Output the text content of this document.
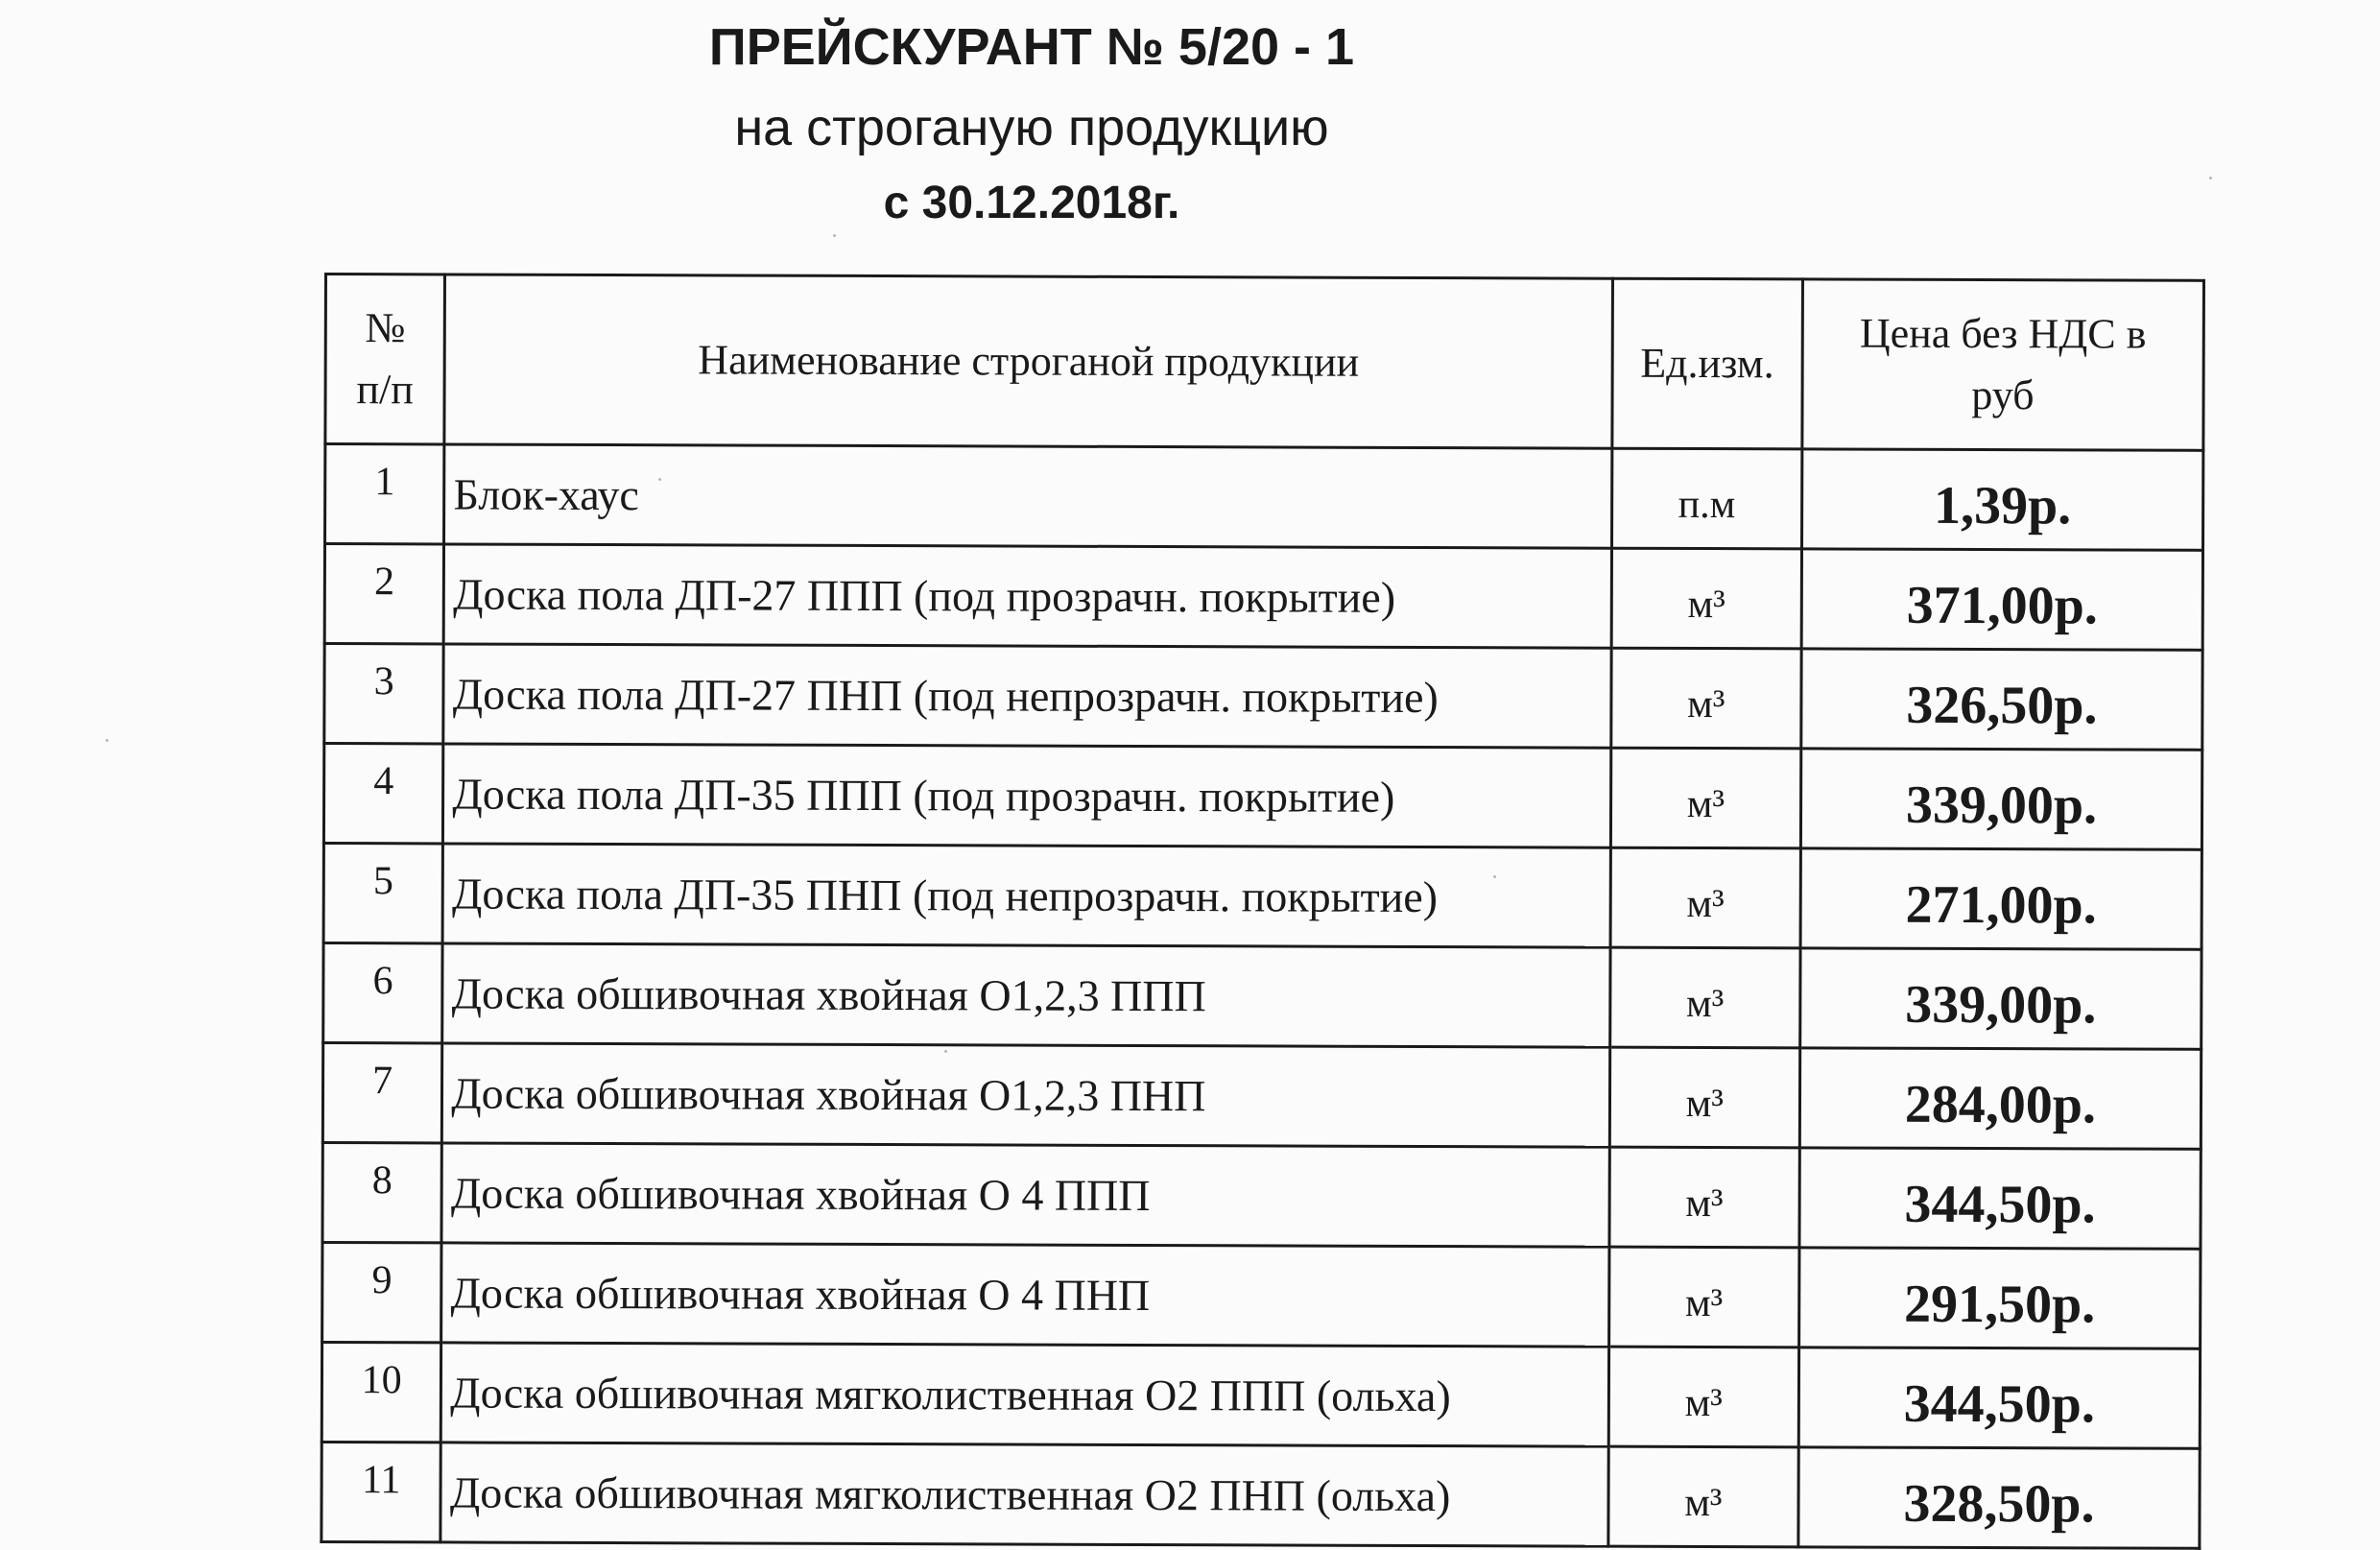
ПРЕЙСКУРАНТ № 5/20 - 1
на строганую продукцию
с 30.12.2018г.
№ п/п	Наименование строганой продукции	Ед.изм.	Цена без НДС в руб
1	Блок-хаус	п.м	1,39р.
2	Доска пола ДП-27 ППП (под прозрачн. покрытие)	м³	371,00р.
3	Доска пола ДП-27 ПНП (под непрозрачн. покрытие)	м³	326,50р.
4	Доска пола ДП-35 ППП (под прозрачн. покрытие)	м³	339,00р.
5	Доска пола ДП-35 ПНП (под непрозрачн. покрытие)	м³	271,00р.
6	Доска обшивочная хвойная О1,2,3 ППП	м³	339,00р.
7	Доска обшивочная хвойная О1,2,3 ПНП	м³	284,00р.
8	Доска обшивочная хвойная О 4 ППП	м³	344,50р.
9	Доска обшивочная хвойная О 4 ПНП	м³	291,50р.
10	Доска обшивочная мягколиственная О2 ППП (ольха)	м³	344,50р.
11	Доска обшивочная мягколиственная О2 ПНП (ольха)	м³	328,50р.
